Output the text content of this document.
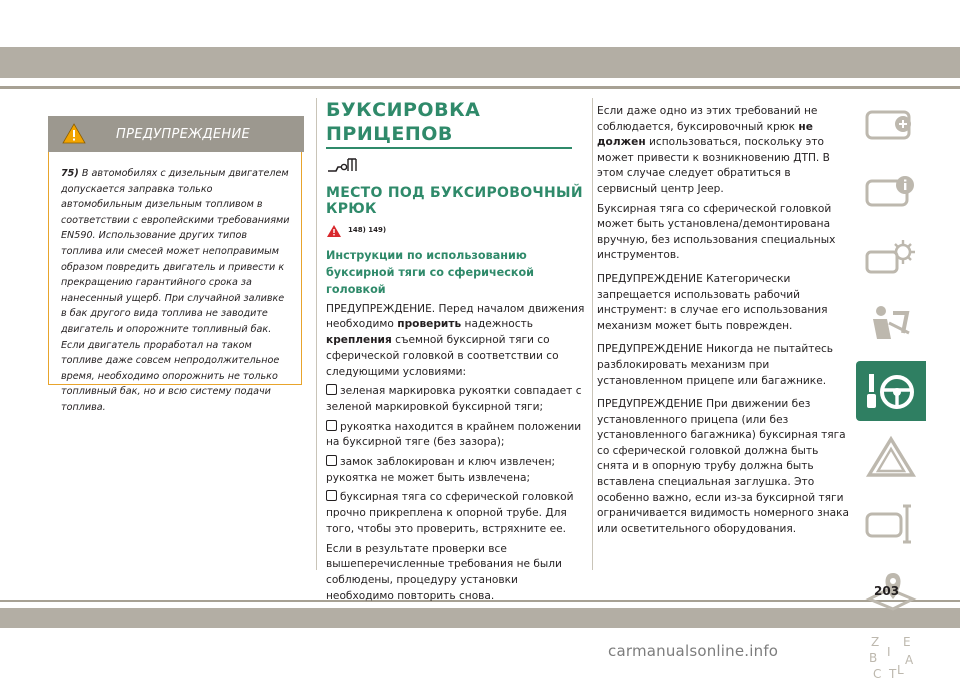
ПРЕДУПРЕЖДЕНИЕ
75) В автомобилях с дизельным двигателем допускается заправка только автомобильным дизельным топливом в соответствии с европейскими требованиями EN590. Использование других типов топлива или смесей может непоправимым образом повредить двигатель и привести к прекращению гарантийного срока за нанесенный ущерб. При случайной заливке в бак другого вида топлива не заводите двигатель и опорожните топливный бак. Если двигатель проработал на таком топливе даже совсем непродолжительное время, необходимо опорожнить не только топливный бак, но и всю систему подачи топлива.
БУКСИРОВКА ПРИЦЕПОВ
МЕСТО ПОД БУКСИРОВОЧНЫЙ КРЮК
148) 149)
Инструкции по использованию буксирной тяги со сферической головкой

ПРЕДУПРЕЖДЕНИЕ. Перед началом движения необходимо проверить надежность крепления съемной буксирной тяги со сферической головкой в соответствии со следующими условиями:

зеленая маркировка рукоятки совпадает с зеленой маркировкой буксирной тяги;
рукоятка находится в крайнем положении на буксирной тяге (без зазора);
замок заблокирован и ключ извлечен; рукоятка не может быть извлечена;
буксирная тяга со сферической головкой прочно прикреплена к опорной трубе. Для того, чтобы это проверить, встряхните ее.

Если в результате проверки все вышеперечисленные требования не были соблюдены, процедуру установки необходимо повторить снова.

Если даже одно из этих требований не соблюдается, буксировочный крюк не должен использоваться, поскольку это может привести к возникновению ДТП. В этом случае следует обратиться в сервисный центр Jeep.

Буксирная тяга со сферической головкой может быть установлена/демонтирована вручную, без использования специальных инструментов.

ПРЕДУПРЕЖДЕНИЕ Категорически запрещается использовать рабочий инструмент: в случае его использования механизм может быть поврежден.

ПРЕДУПРЕЖДЕНИЕ Никогда не пытайтесь разблокировать механизм при установленном прицепе или багажнике.

ПРЕДУПРЕЖДЕНИЕ При движении без установленного прицепа (или без установленного багажника) буксирная тяга со сферической головкой должна быть снята и в опорную трубу должна быть вставлена специальная заглушка. Это особенно важно, если из-за буксирной тяги ограничивается видимость номерного знака или осветительного оборудования.

Z E
B A
C T L
I
203
carmanualsonline.info
